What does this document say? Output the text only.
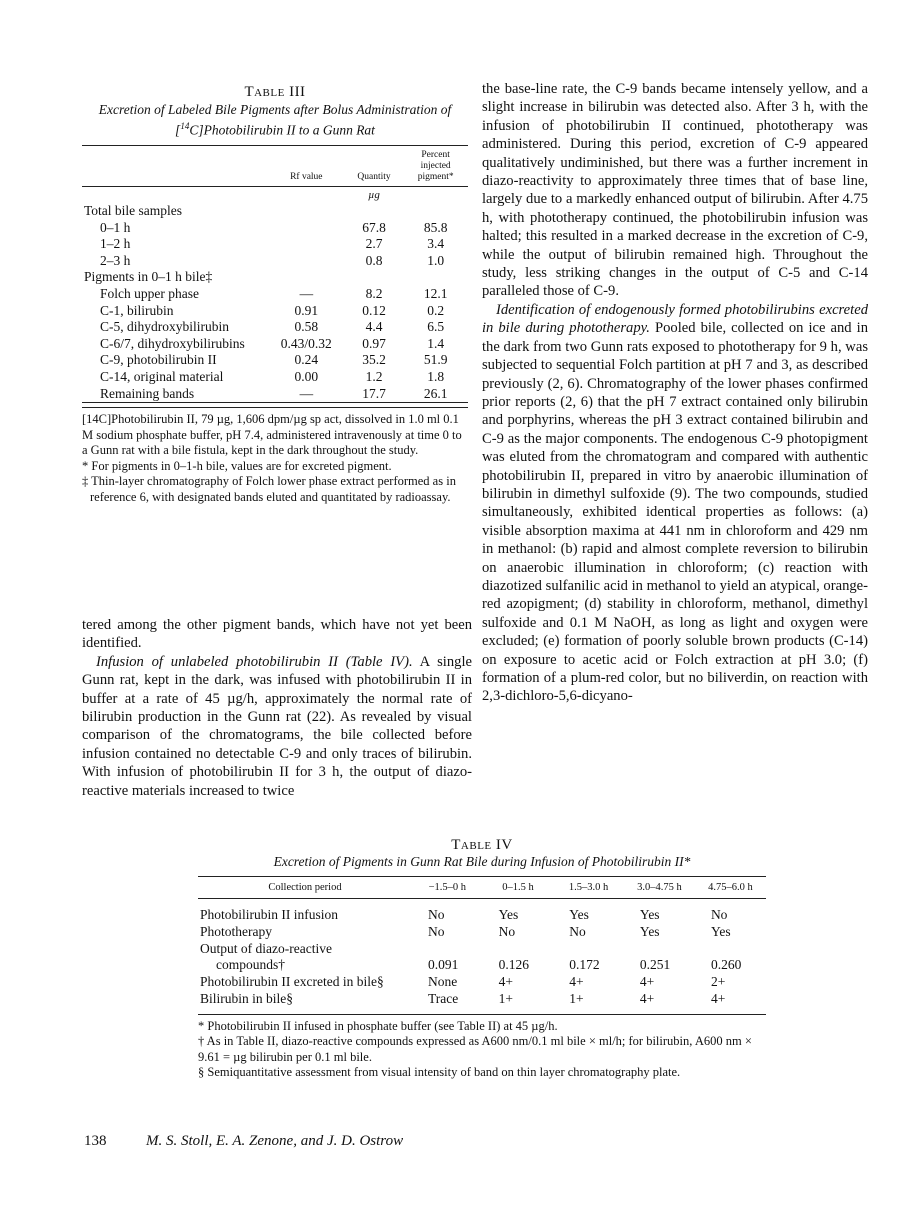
Table III
Excretion of Labeled Bile Pigments after Bolus Administration of [$^{14}$C]Photobilirubin II to a Gunn Rat
	Rf value	Quantity	Percent injected pigment*
		µg	
Total bile samples			
0–1 h		67.8	85.8
1–2 h		2.7	3.4
2–3 h		0.8	1.0
Pigments in 0–1 h bile‡			
Folch upper phase	—	8.2	12.1
C-1, bilirubin	0.91	0.12	0.2
C-5, dihydroxybilirubin	0.58	4.4	6.5
C-6/7, dihydroxybilirubins	0.43/0.32	0.97	1.4
C-9, photobilirubin II	0.24	35.2	51.9
C-14, original material	0.00	1.2	1.8
Remaining bands	—	17.7	26.1

[14C]Photobilirubin II, 79 µg, 1,606 dpm/µg sp act, dissolved in 1.0 ml 0.1 M sodium phosphate buffer, pH 7.4, administered intravenously at time 0 to a Gunn rat with a bile fistula, kept in the dark throughout the study.

* For pigments in 0–1-h bile, values are for excreted pigment.

‡ Thin-layer chromatography of Folch lower phase extract performed as in reference 6, with designated bands eluted and quantitated by radioassay.

tered among the other pigment bands, which have not yet been identified.

Infusion of unlabeled photobilirubin II (Table IV). A single Gunn rat, kept in the dark, was infused with photobilirubin II in buffer at a rate of 45 µg/h, approximately the normal rate of bilirubin production in the Gunn rat (22). As revealed by visual comparison of the chromatograms, the bile collected before infusion contained no detectable C-9 and only traces of bilirubin. With infusion of photobilirubin II for 3 h, the output of diazo-reactive materials increased to twice

the base-line rate, the C-9 bands became intensely yellow, and a slight increase in bilirubin was detected also. After 3 h, with the infusion of photobilirubin II continued, phototherapy was administered. During this period, excretion of C-9 appeared qualitatively undiminished, but there was a further increment in diazo-reactivity to approximately three times that of base line, largely due to a markedly enhanced output of bilirubin. After 4.75 h, with phototherapy continued, the photobilirubin infusion was halted; this resulted in a marked decrease in the excretion of C-9, while the output of bilirubin remained high. Throughout the study, less striking changes in the output of C-5 and C-14 paralleled those of C-9.

Identification of endogenously formed photobilirubins excreted in bile during phototherapy. Pooled bile, collected on ice and in the dark from two Gunn rats exposed to phototherapy for 9 h, was subjected to sequential Folch partition at pH 7 and 3, as described previously (2, 6). Chromatography of the lower phases confirmed prior reports (2, 6) that the pH 7 extract contained only bilirubin and porphyrins, whereas the pH 3 extract contained bilirubin and C-9 as the major components. The endogenous C-9 photopigment was eluted from the chromatogram and compared with authentic photobilirubin II, prepared in vitro by anaerobic illumination of bilirubin in dimethyl sulfoxide (9). The two compounds, studied simultaneously, exhibited identical properties as follows: (a) visible absorption maxima at 441 nm in chloroform and 429 nm in methanol: (b) rapid and almost complete reversion to bilirubin on anaerobic illumination in chloroform; (c) reaction with diazotized sulfanilic acid in methanol to yield an atypical, orange-red azopigment; (d) stability in chloroform, methanol, dimethyl sulfoxide and 0.1 M NaOH, as long as light and oxygen were excluded; (e) formation of poorly soluble brown products (C-14) on exposure to acetic acid or Folch extraction at pH 3.0; (f) formation of a plum-red color, but no biliverdin, on reaction with 2,3-dichloro-5,6-dicyano-

Table IV
Excretion of Pigments in Gunn Rat Bile during Infusion of Photobilirubin II*
Collection period	−1.5–0 h	0–1.5 h	1.5–3.0 h	3.0–4.75 h	4.75–6.0 h
Photobilirubin II infusion	No	Yes	Yes	Yes	No
Phototherapy	No	No	No	Yes	Yes
Output of diazo-reactive					
compounds†	0.091	0.126	0.172	0.251	0.260
Photobilirubin II excreted in bile§	None	4+	4+	4+	2+
Bilirubin in bile§	Trace	1+	1+	4+	4+

* Photobilirubin II infused in phosphate buffer (see Table II) at 45 µg/h.

† As in Table II, diazo-reactive compounds expressed as A600 nm/0.1 ml bile × ml/h; for bilirubin, A600 nm × 9.61 = µg bilirubin per 0.1 ml bile.

§ Semiquantitative assessment from visual intensity of band on thin layer chromatography plate.

138	M. S. Stoll, E. A. Zenone, and J. D. Ostrow
